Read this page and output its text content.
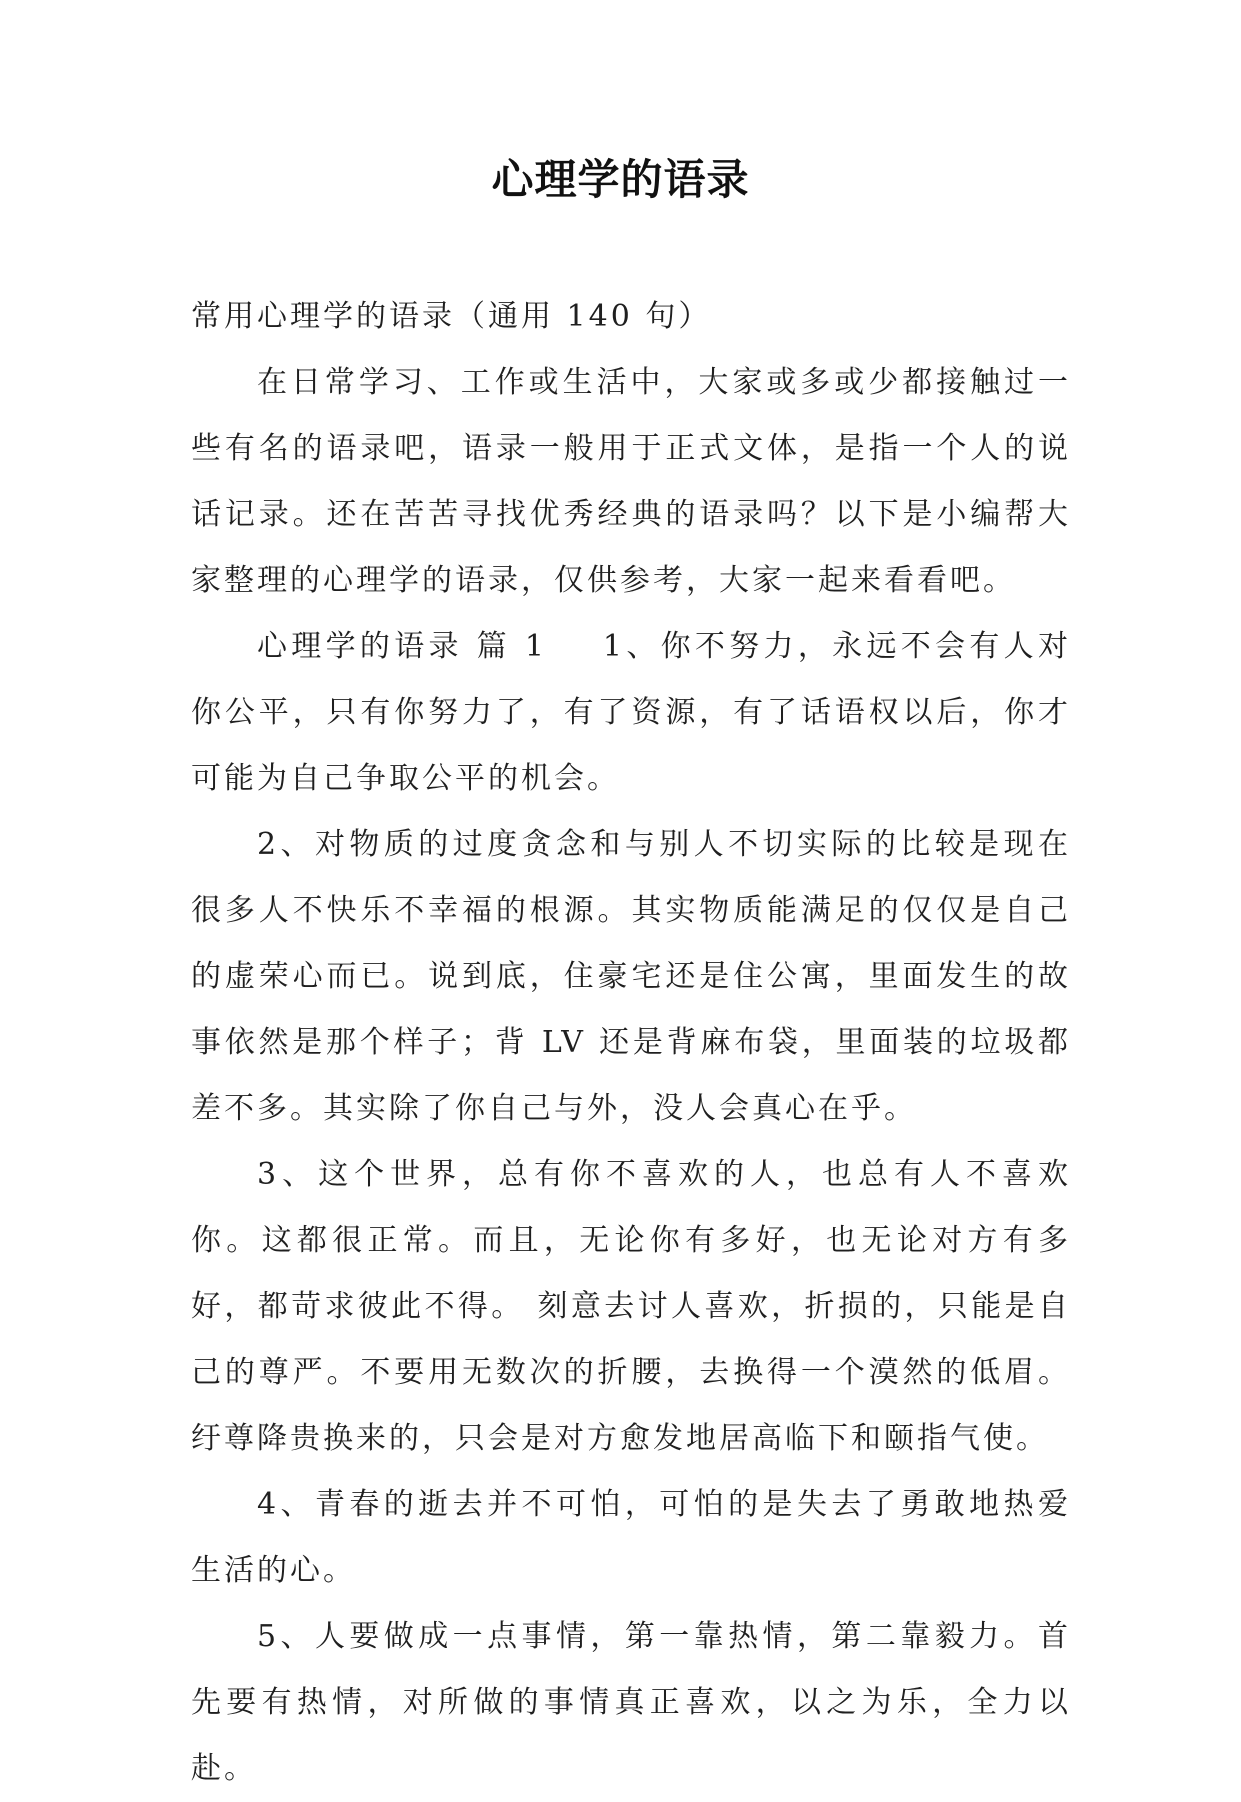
心理学的语录

常用心理学的语录（通用 140 句）

在日常学习、工作或生活中，大家或多或少都接触过一些有名的语录吧，语录一般用于正式文体，是指一个人的说话记录。还在苦苦寻找优秀经典的语录吗？以下是小编帮大家整理的心理学的语录，仅供参考，大家一起来看看吧。

心理学的语录 篇 1 1、你不努力，永远不会有人对你公平，只有你努力了，有了资源，有了话语权以后，你才可能为自己争取公平的机会。

2、对物质的过度贪念和与别人不切实际的比较是现在很多人不快乐不幸福的根源。其实物质能满足的仅仅是自己的虚荣心而已。说到底，住豪宅还是住公寓，里面发生的故事依然是那个样子；背 LV 还是背麻布袋，里面装的垃圾都差不多。其实除了你自己与外，没人会真心在乎。

3、这个世界，总有你不喜欢的人，也总有人不喜欢你。这都很正常。而且，无论你有多好，也无论对方有多好，都苛求彼此不得。 刻意去讨人喜欢，折损的，只能是自己的尊严。不要用无数次的折腰，去换得一个漠然的低眉。纡尊降贵换来的，只会是对方愈发地居高临下和颐指气使。

4、青春的逝去并不可怕，可怕的是失去了勇敢地热爱生活的心。

5、人要做成一点事情，第一靠热情，第二靠毅力。首先要有热情，对所做的事情真正喜欢，以之为乐，全力以赴。
